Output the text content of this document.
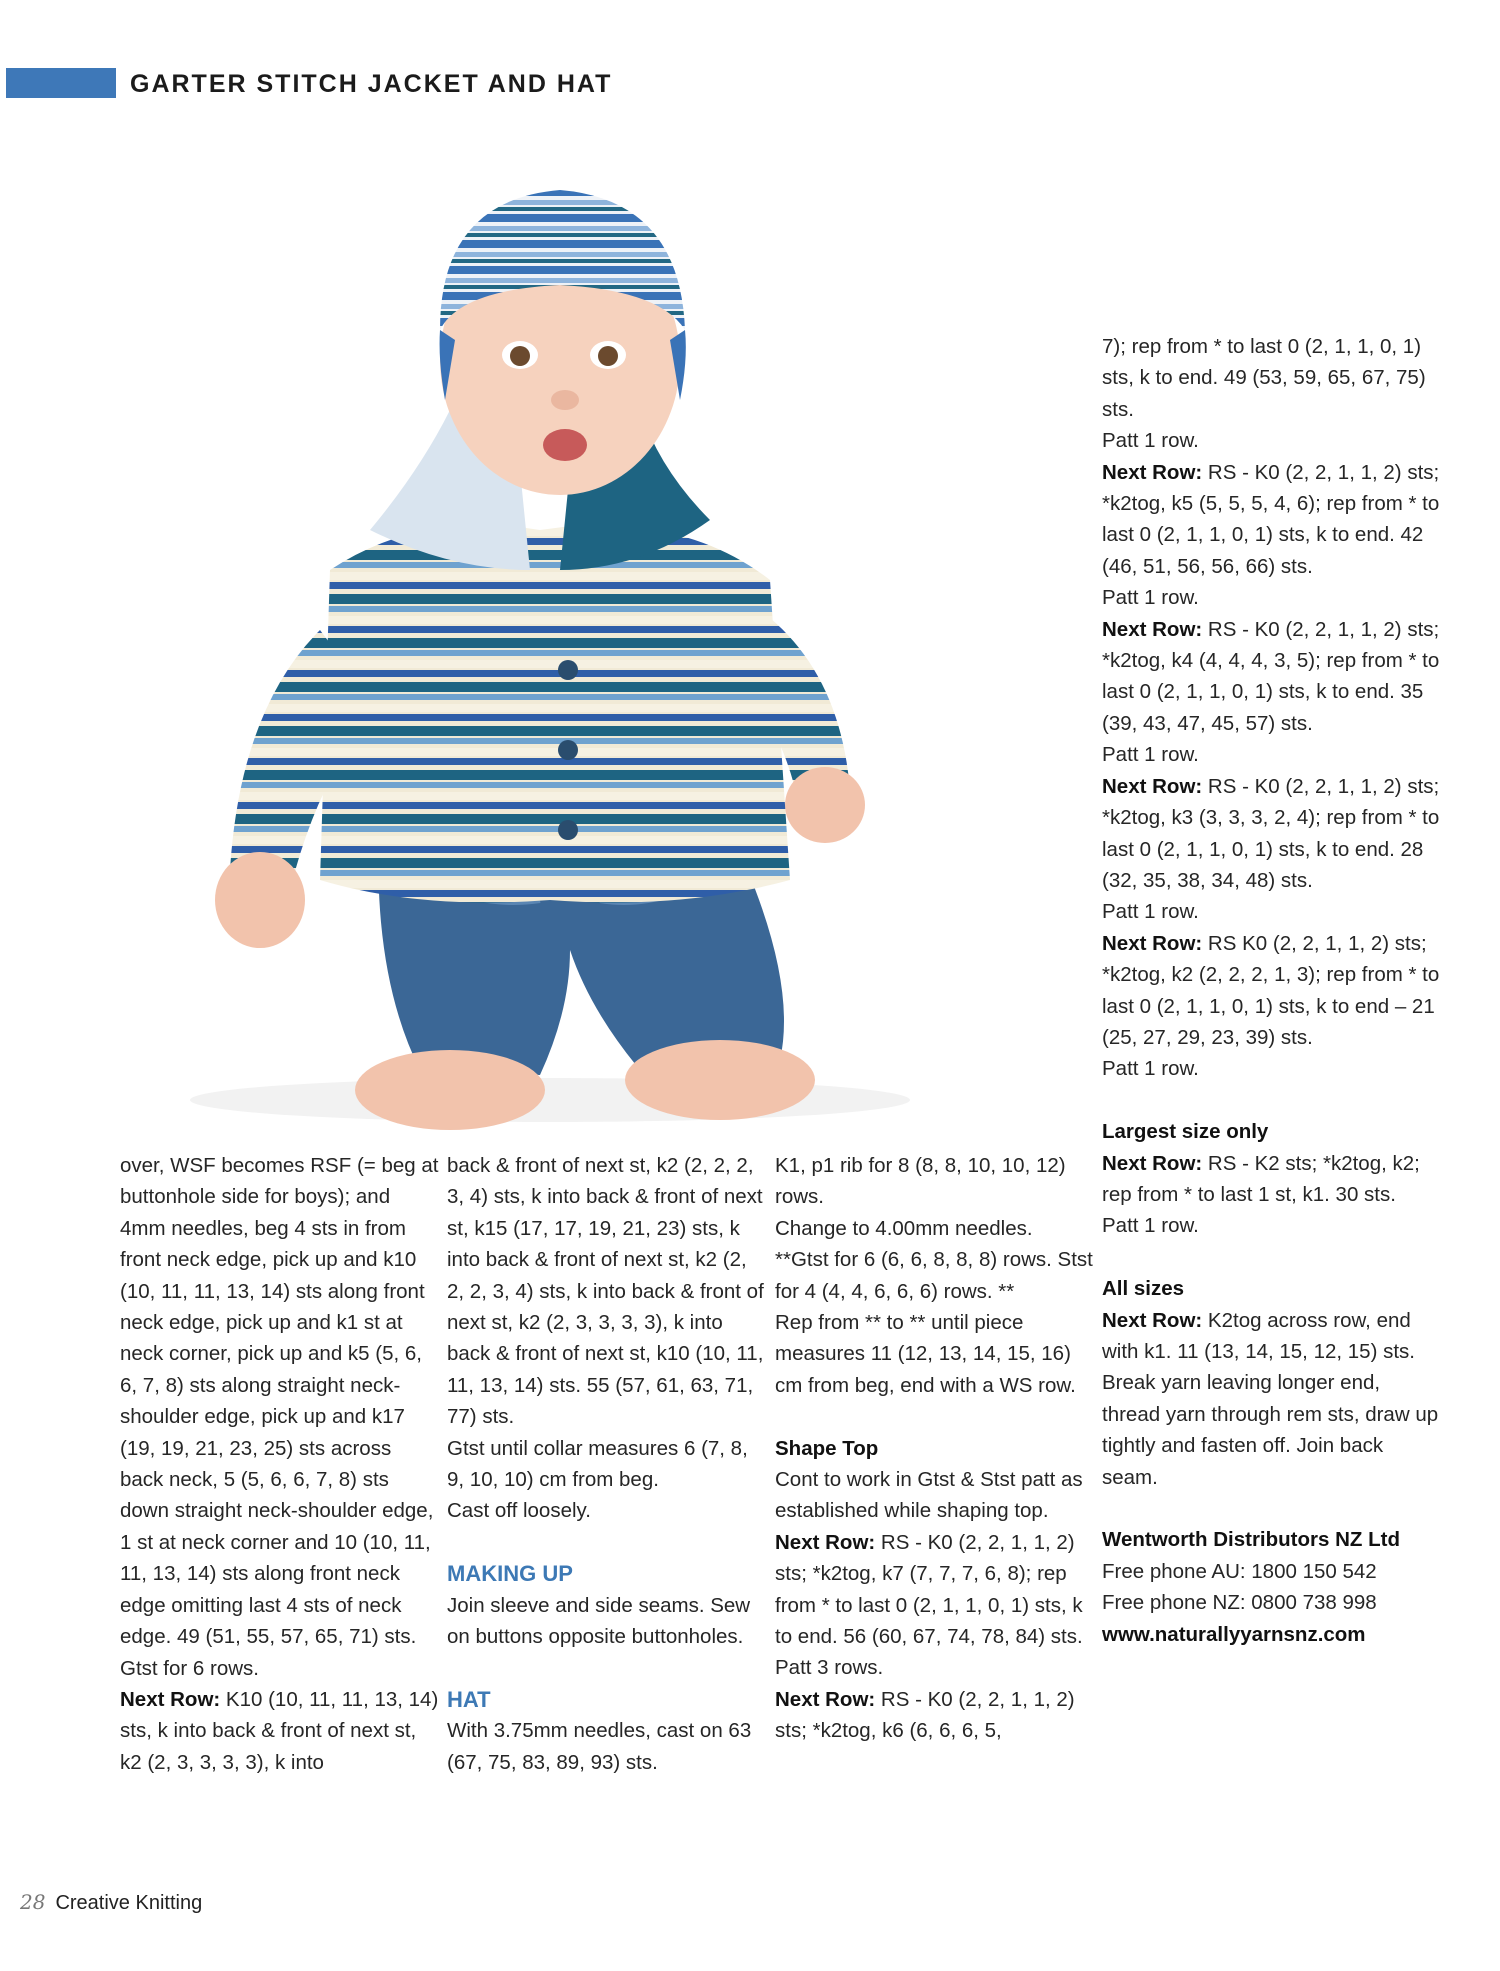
GARTER STITCH JACKET AND HAT

over, WSF becomes RSF (= beg at buttonhole side for boys); and 4mm needles, beg 4 sts in from front neck edge, pick up and k10 (10, 11, 11, 13, 14) sts along front neck edge, pick up and k1 st at neck corner, pick up and k5 (5, 6, 6, 7, 8) sts along straight neck-shoulder edge, pick up and k17 (19, 19, 21, 23, 25) sts across back neck, 5 (5, 6, 6, 7, 8) sts down straight neck-shoulder edge, 1 st at neck corner and 10 (10, 11, 11, 13, 14) sts along front neck edge omitting last 4 sts of neck edge. 49 (51, 55, 57, 65, 71) sts.

Gtst for 6 rows.

Next Row: K10 (10, 11, 11, 13, 14) sts, k into back & front of next st, k2 (2, 3, 3, 3, 3), k into

back & front of next st, k2 (2, 2, 2, 3, 4) sts, k into back & front of next st, k15 (17, 17, 19, 21, 23) sts, k into back & front of next st, k2 (2, 2, 2, 3, 4) sts, k into back & front of next st, k2 (2, 3, 3, 3, 3), k into back & front of next st, k10 (10, 11, 11, 13, 14) sts. 55 (57, 61, 63, 71, 77) sts.

Gtst until collar measures 6 (7, 8, 9, 10, 10) cm from beg.

Cast off loosely.

MAKING UP

Join sleeve and side seams. Sew on buttons opposite buttonholes.

HAT

With 3.75mm needles, cast on 63 (67, 75, 83, 89, 93) sts.

K1, p1 rib for 8 (8, 8, 10, 10, 12) rows.

Change to 4.00mm needles.

**Gtst for 6 (6, 6, 8, 8, 8) rows. Stst for 4 (4, 4, 6, 6, 6) rows. **

Rep from ** to ** until piece measures 11 (12, 13, 14, 15, 16) cm from beg, end with a WS row.

Shape Top

Cont to work in Gtst & Stst patt as established while shaping top.

Next Row: RS - K0 (2, 2, 1, 1, 2) sts; *k2tog, k7 (7, 7, 7, 6, 8); rep from * to last 0 (2, 1, 1, 0, 1) sts, k to end. 56 (60, 67, 74, 78, 84) sts.

Patt 3 rows.

Next Row: RS - K0 (2, 2, 1, 1, 2) sts; *k2tog, k6 (6, 6, 6, 5,

7); rep from * to last 0 (2, 1, 1, 0, 1) sts, k to end. 49 (53, 59, 65, 67, 75) sts.

Patt 1 row.

Next Row: RS - K0 (2, 2, 1, 1, 2) sts; *k2tog, k5 (5, 5, 5, 4, 6); rep from * to last 0 (2, 1, 1, 0, 1) sts, k to end. 42 (46, 51, 56, 56, 66) sts.

Patt 1 row.

Next Row: RS - K0 (2, 2, 1, 1, 2) sts; *k2tog, k4 (4, 4, 4, 3, 5); rep from * to last 0 (2, 1, 1, 0, 1) sts, k to end. 35 (39, 43, 47, 45, 57) sts.

Patt 1 row.

Next Row: RS - K0 (2, 2, 1, 1, 2) sts; *k2tog, k3 (3, 3, 3, 2, 4); rep from * to last 0 (2, 1, 1, 0, 1) sts, k to end. 28 (32, 35, 38, 34, 48) sts.

Patt 1 row.

Next Row: RS K0 (2, 2, 1, 1, 2) sts; *k2tog, k2 (2, 2, 2, 1, 3); rep from * to last 0 (2, 1, 1, 0, 1) sts, k to end – 21 (25, 27, 29, 23, 39) sts.

Patt 1 row.

Largest size only

Next Row: RS - K2 sts; *k2tog, k2; rep from * to last 1 st, k1. 30 sts.

Patt 1 row.

All sizes

Next Row: K2tog across row, end with k1. 11 (13, 14, 15, 12, 15) sts.

Break yarn leaving longer end, thread yarn through rem sts, draw up tightly and fasten off. Join back seam.

Wentworth Distributors NZ Ltd

Free phone AU: 1800 150 542

Free phone NZ: 0800 738 998

www.naturallyyarnsnz.com

28 Creative Knitting
